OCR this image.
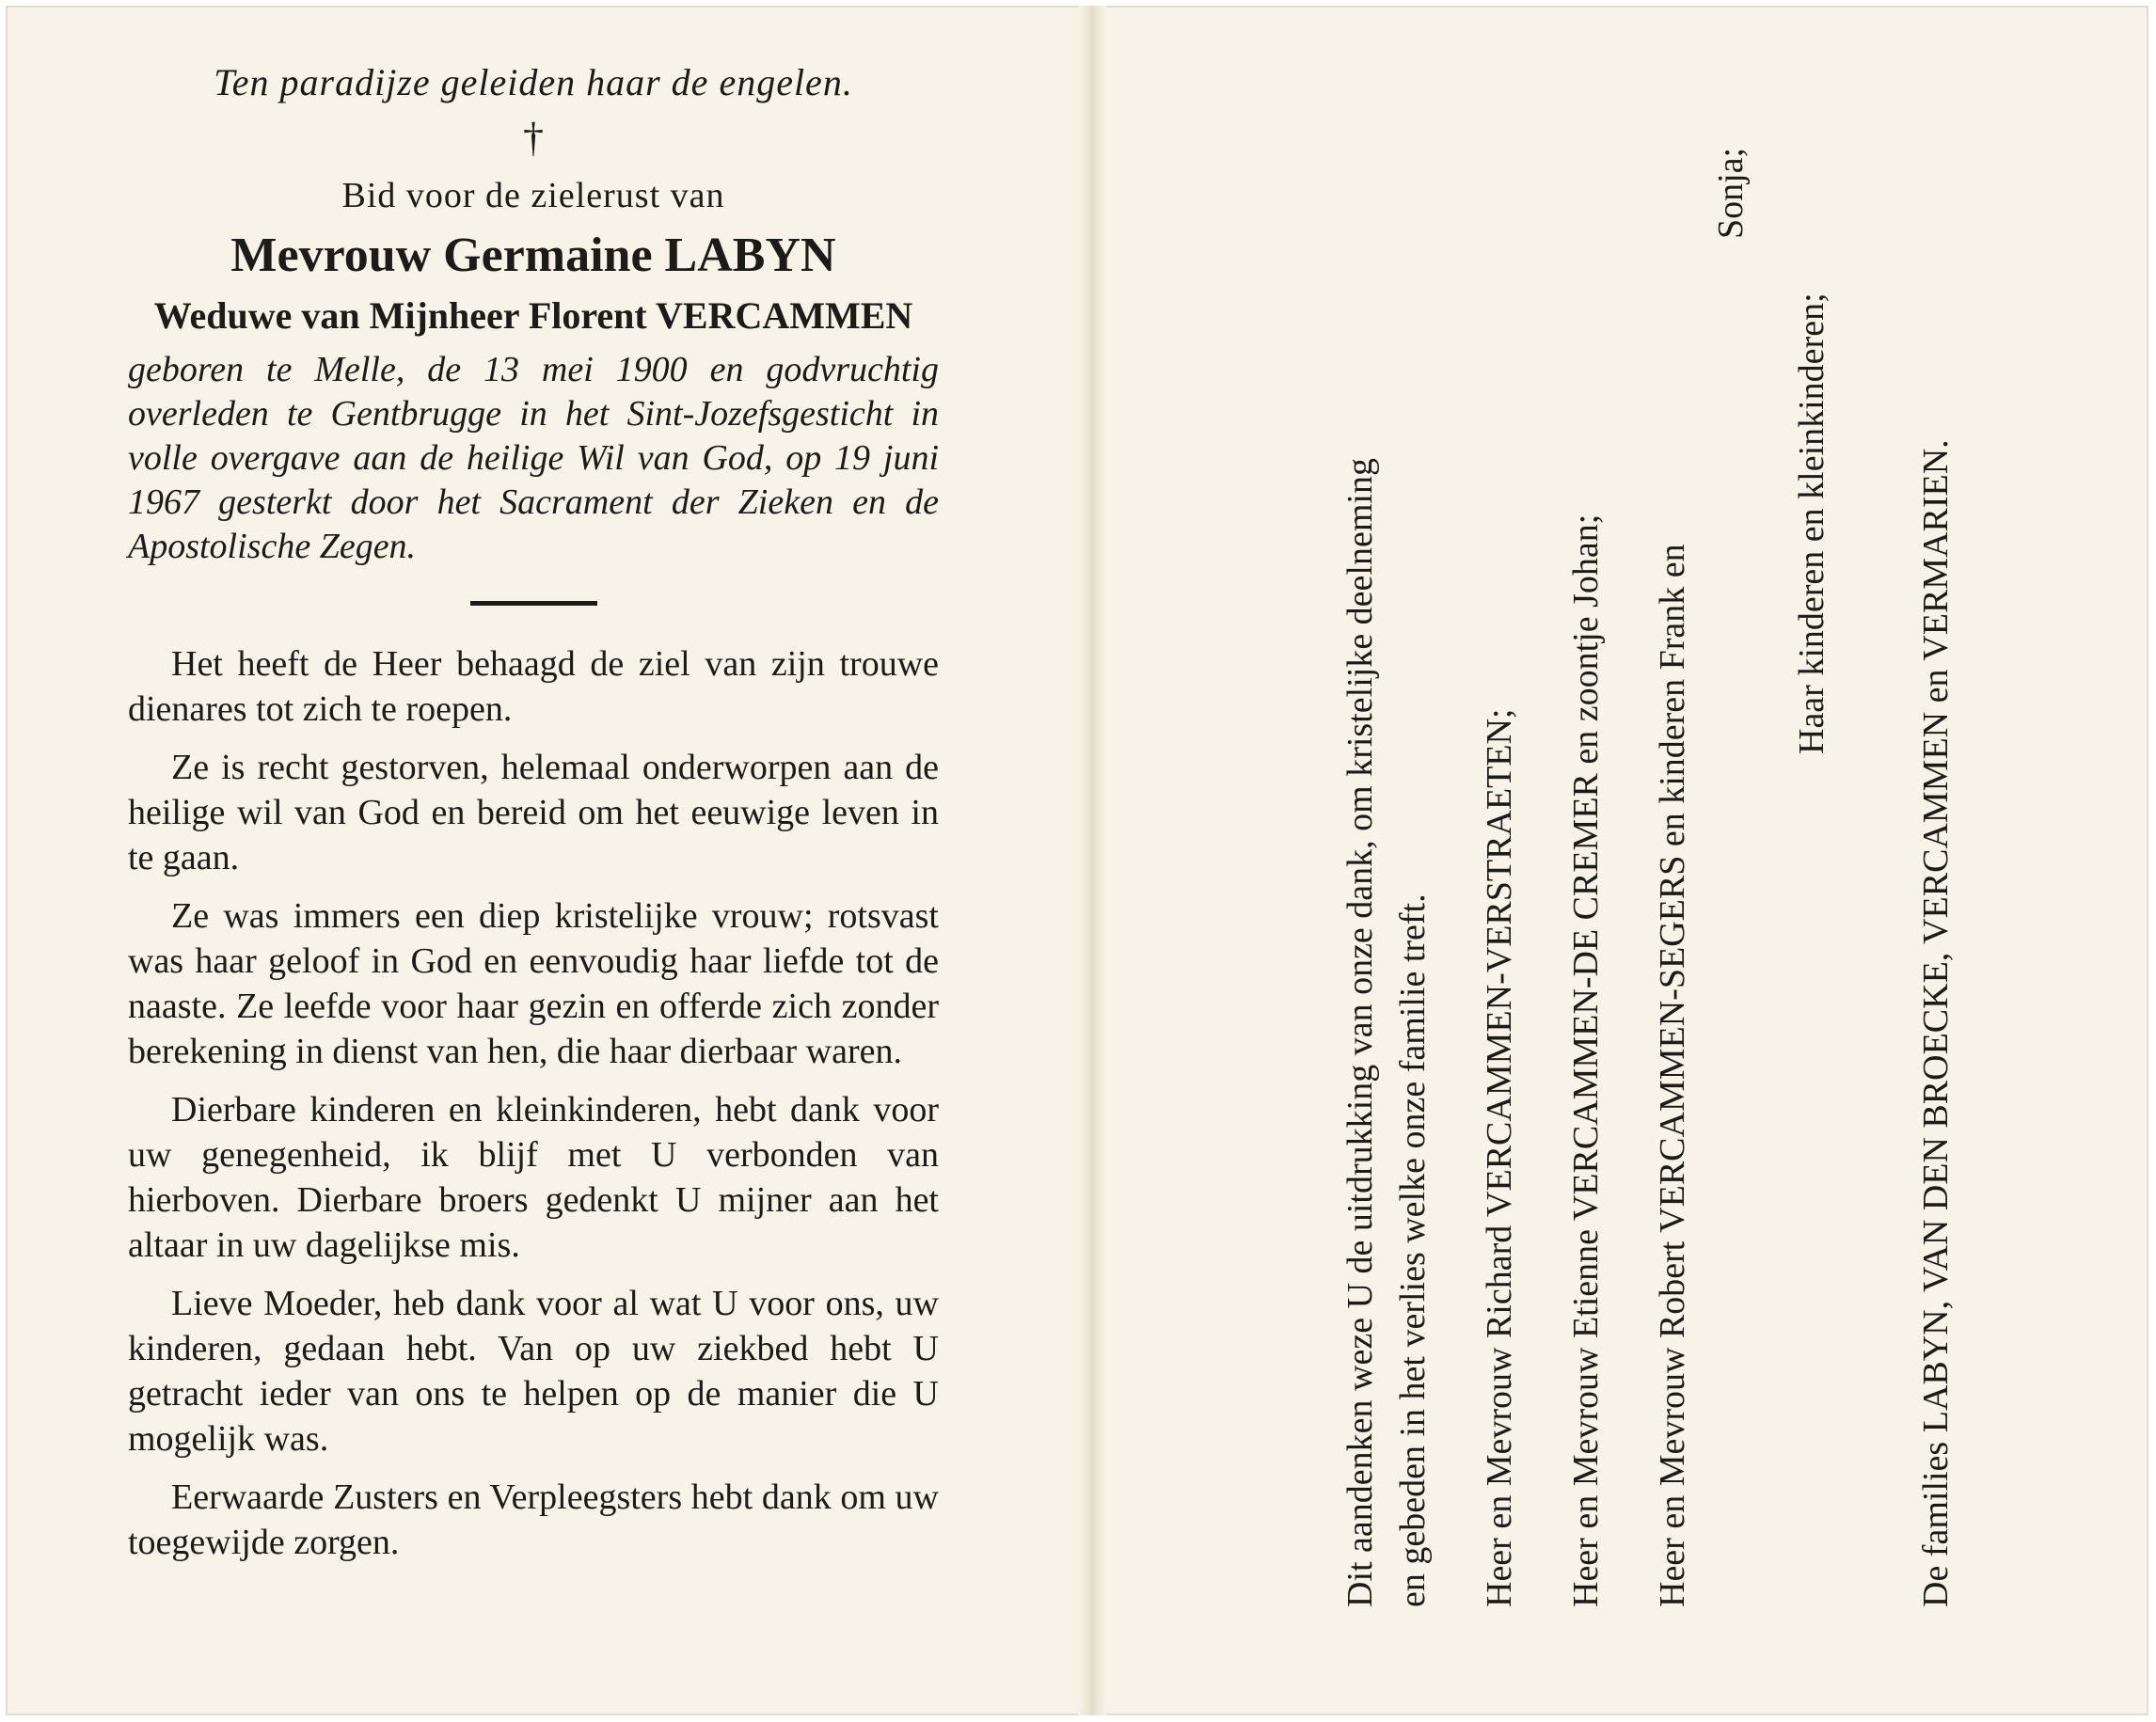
Ten paradijze geleiden haar de engelen.
†
Bid voor de zielerust van
Mevrouw Germaine LABYN
Weduwe van Mijnheer Florent VERCAMMEN
geboren te Melle, de 13 mei 1900 en godvruchtig overleden te Gentbrugge in het Sint-Jozefsgesticht in volle overgave aan de heilige Wil van God, op 19 juni 1967 gesterkt door het Sacrament der Zieken en de Apostolische Zegen.

Het heeft de Heer behaagd de ziel van zijn trouwe dienares tot zich te roepen.

Ze is recht gestorven, helemaal onderworpen aan de heilige wil van God en bereid om het eeuwige leven in te gaan.

Ze was immers een diep kristelijke vrouw; rotsvast was haar geloof in God en eenvoudig haar liefde tot de naaste. Ze leefde voor haar gezin en offerde zich zonder berekening in dienst van hen, die haar dierbaar waren.

Dierbare kinderen en kleinkinderen, hebt dank voor uw genegenheid, ik blijf met U verbonden van hierboven. Dierbare broers gedenkt U mijner aan het altaar in uw dagelijkse mis.

Lieve Moeder, heb dank voor al wat U voor ons, uw kinderen, gedaan hebt. Van op uw ziekbed hebt U getracht ieder van ons te helpen op de manier die U mogelijk was.

Eerwaarde Zusters en Verpleegsters hebt dank om uw toegewijde zorgen.	Dit aandenken weze U de uitdrukking van onze dank, om kristelijke deelneming en gebeden in het verlies welke onze familie treft. Heer en Mevrouw Richard VERCAMMEN-VERSTRAETEN; Heer en Mevrouw Etienne VERCAMMEN-DE CREMER en zoontje Johan; Heer en Mevrouw Robert VERCAMMEN-SEGERS en kinderen Frank en
Sonja;
Haar kinderen en kleinkinderen; De families LABYN, VAN DEN BROECKE, VERCAMMEN en VERMARIEN.
